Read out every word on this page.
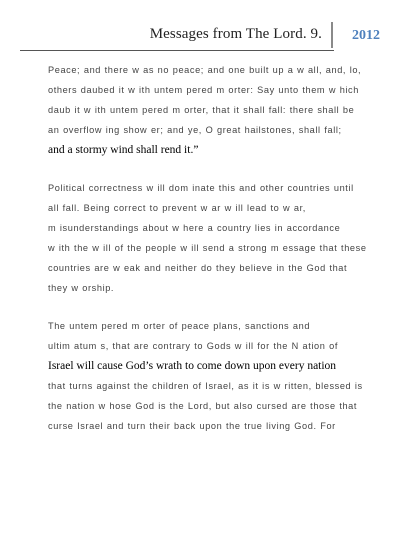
Messages from The Lord. 9. 2012
Peace; and there w as no peace; and one built up a w all, and, lo,
others daubed it w ith untem pered m orter: Say unto them w hich
daub it w ith untem pered m orter, that it shall fall: there shall be
an overflow ing show er; and ye, O great hailstones, shall fall;
and a stormy wind shall rend it.”
Political correctness w ill dom inate this and other countries until
all fall. Being correct to prevent w ar w ill lead to w ar,
m isunderstandings about w here a country lies in accordance
w ith the w ill of the people w ill send a strong m essage that these
countries are w eak and neither do they believe in the God that
they w orship.
The untem pered m orter of peace plans, sanctions and
ultim atum s, that are contrary to Gods w ill for the N ation of
Israel will cause God’s wrath to come down upon every nation
that turns against the children of Israel, as it is w ritten, blessed is
the nation w hose God is the Lord, but also cursed are those that
curse Israel and turn their back upon the true living God. For
